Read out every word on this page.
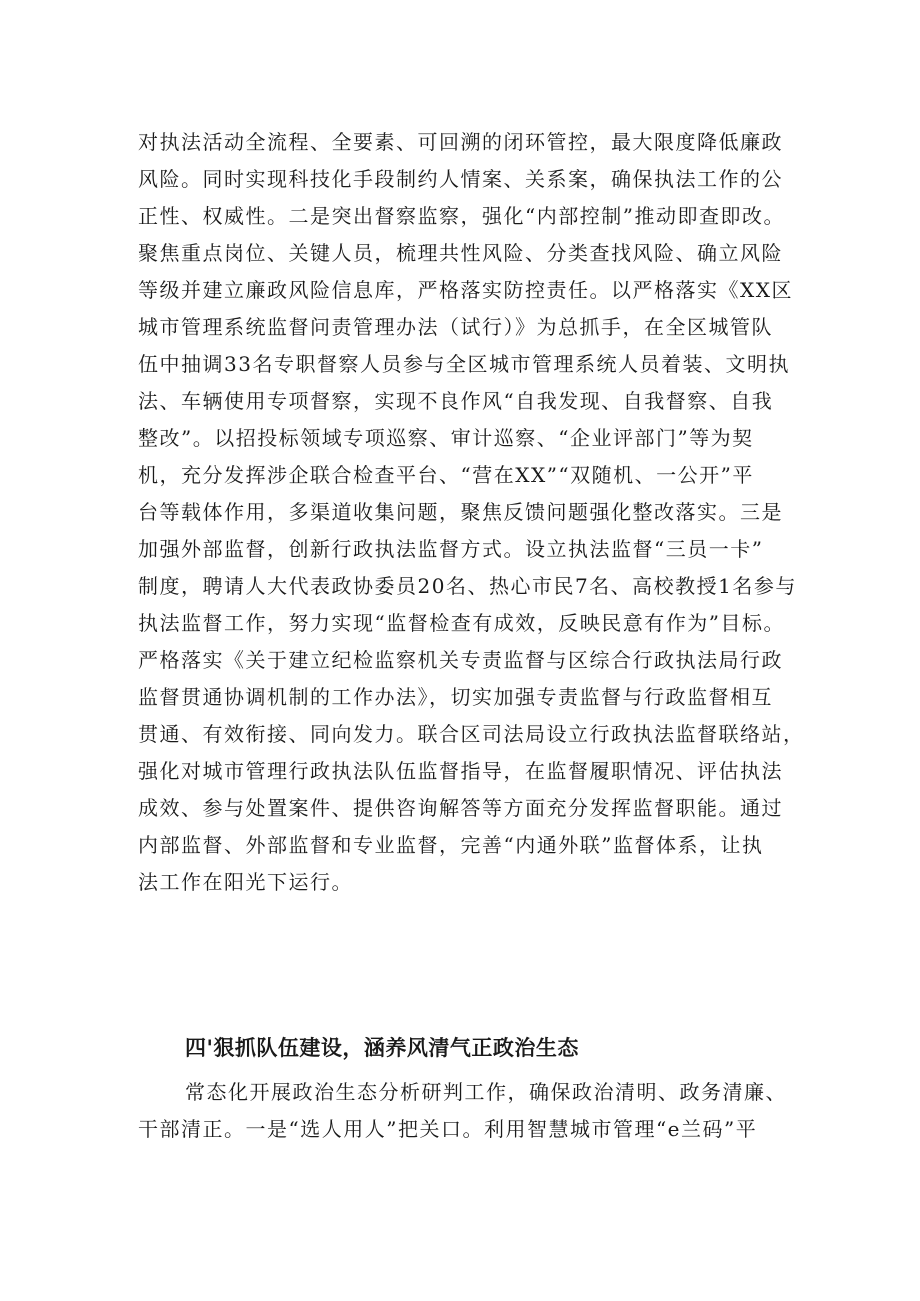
对执法活动全流程、全要素、可回溯的闭环管控，最大限度降低廉政
风险。同时实现科技化手段制约人情案、关系案，确保执法工作的公
正性、权威性。二是突出督察监察，强化“内部控制”推动即查即改。
聚焦重点岗位、关键人员，梳理共性风险、分类查找风险、确立风险
等级并建立廉政风险信息库，严格落实防控责任。以严格落实《XX区
城市管理系统监督问责管理办法（试行）》为总抓手，在全区城管队
伍中抽调33名专职督察人员参与全区城市管理系统人员着装、文明执
法、车辆使用专项督察，实现不良作风“自我发现、自我督察、自我
整改”。以招投标领域专项巡察、审计巡察、“企业评部门”等为契
机，充分发挥涉企联合检查平台、“营在XX”“双随机、一公开”平
台等载体作用，多渠道收集问题，聚焦反馈问题强化整改落实。三是
加强外部监督，创新行政执法监督方式。设立执法监督“三员一卡”
制度，聘请人大代表政协委员20名、热心市民7名、高校教授1名参与
执法监督工作，努力实现“监督检查有成效，反映民意有作为”目标。
严格落实《关于建立纪检监察机关专责监督与区综合行政执法局行政
监督贯通协调机制的工作办法》，切实加强专责监督与行政监督相互
贯通、有效衔接、同向发力。联合区司法局设立行政执法监督联络站，
强化对城市管理行政执法队伍监督指导，在监督履职情况、评估执法
成效、参与处置案件、提供咨询解答等方面充分发挥监督职能。通过
内部监督、外部监督和专业监督，完善“内通外联”监督体系，让执
法工作在阳光下运行。

四'狠抓队伍建设，涵养风清气正政治生态

常态化开展政治生态分析研判工作，确保政治清明、政务清廉、
干部清正。一是“选人用人”把关口。利用智慧城市管理“e兰码”平
